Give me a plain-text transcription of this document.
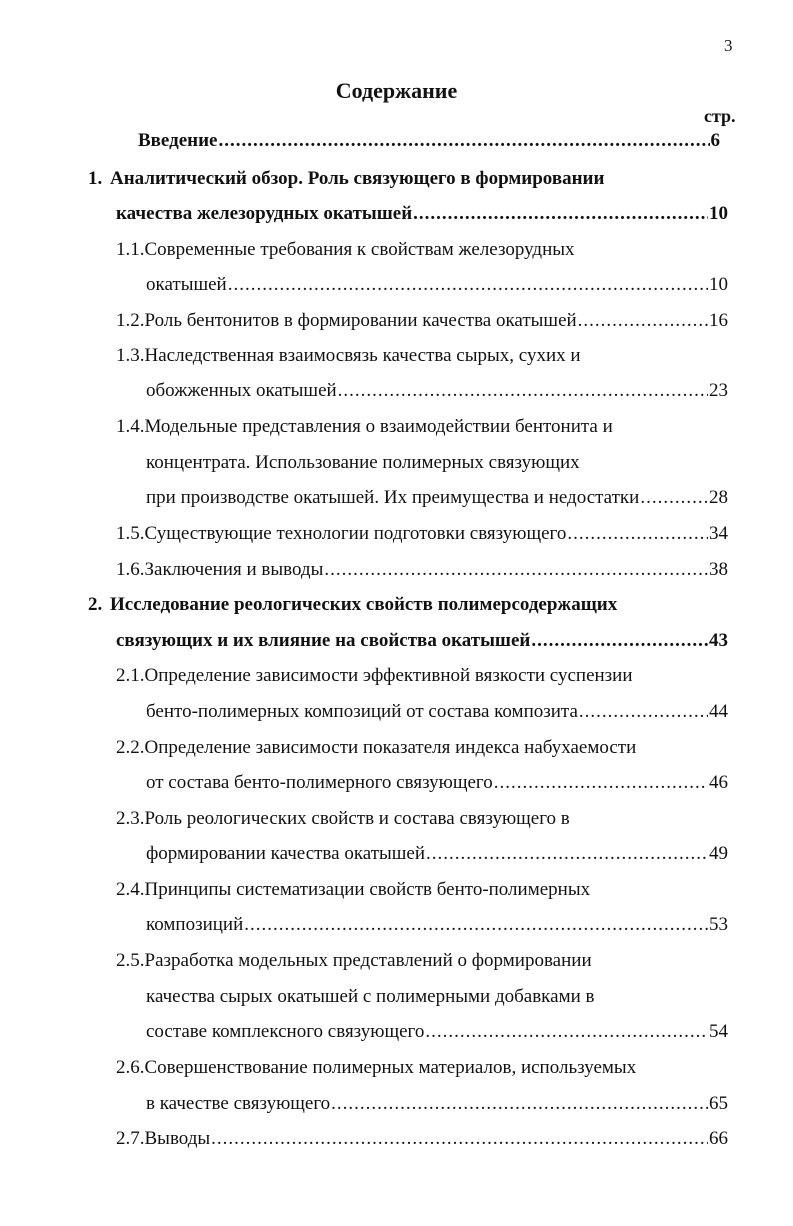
3
Содержание
стр.
Введение .....	6
1. Аналитический обзор. Роль связующего в формировании
качества железорудных окатышей .....	10
1.1.Современные требования к свойствам железорудных
окатышей .....	10
1.2.Роль бентонитов в формировании качества окатышей .....	16
1.3.Наследственная взаимосвязь качества сырых, сухих и
обожженных окатышей .....	23
1.4.Модельные представления о взаимодействии бентонита и
концентрата. Использование полимерных связующих
при производстве окатышей. Их преимущества и недостатки .....	28
1.5.Существующие технологии подготовки связующего .....	34
1.6.Заключения и выводы .....	38
2. Исследование реологических свойств полимерсодержащих
связующих и их влияние на свойства окатышей .....	43
2.1.Определение зависимости эффективной вязкости суспензии
бенто-полимерных композиций от состава композита .....	44
2.2.Определение зависимости показателя индекса набухаемости
от состава бенто-полимерного связующего .....	46
2.3.Роль реологических свойств и состава связующего в
формировании качества окатышей .....	49
2.4.Принципы систематизации свойств бенто-полимерных
композиций .....	53
2.5.Разработка модельных представлений о формировании
качества сырых окатышей с полимерными добавками в
составе комплексного связующего .....	54
2.6.Совершенствование полимерных материалов, используемых
в качестве связующего .....	65
2.7.Выводы .....	66
